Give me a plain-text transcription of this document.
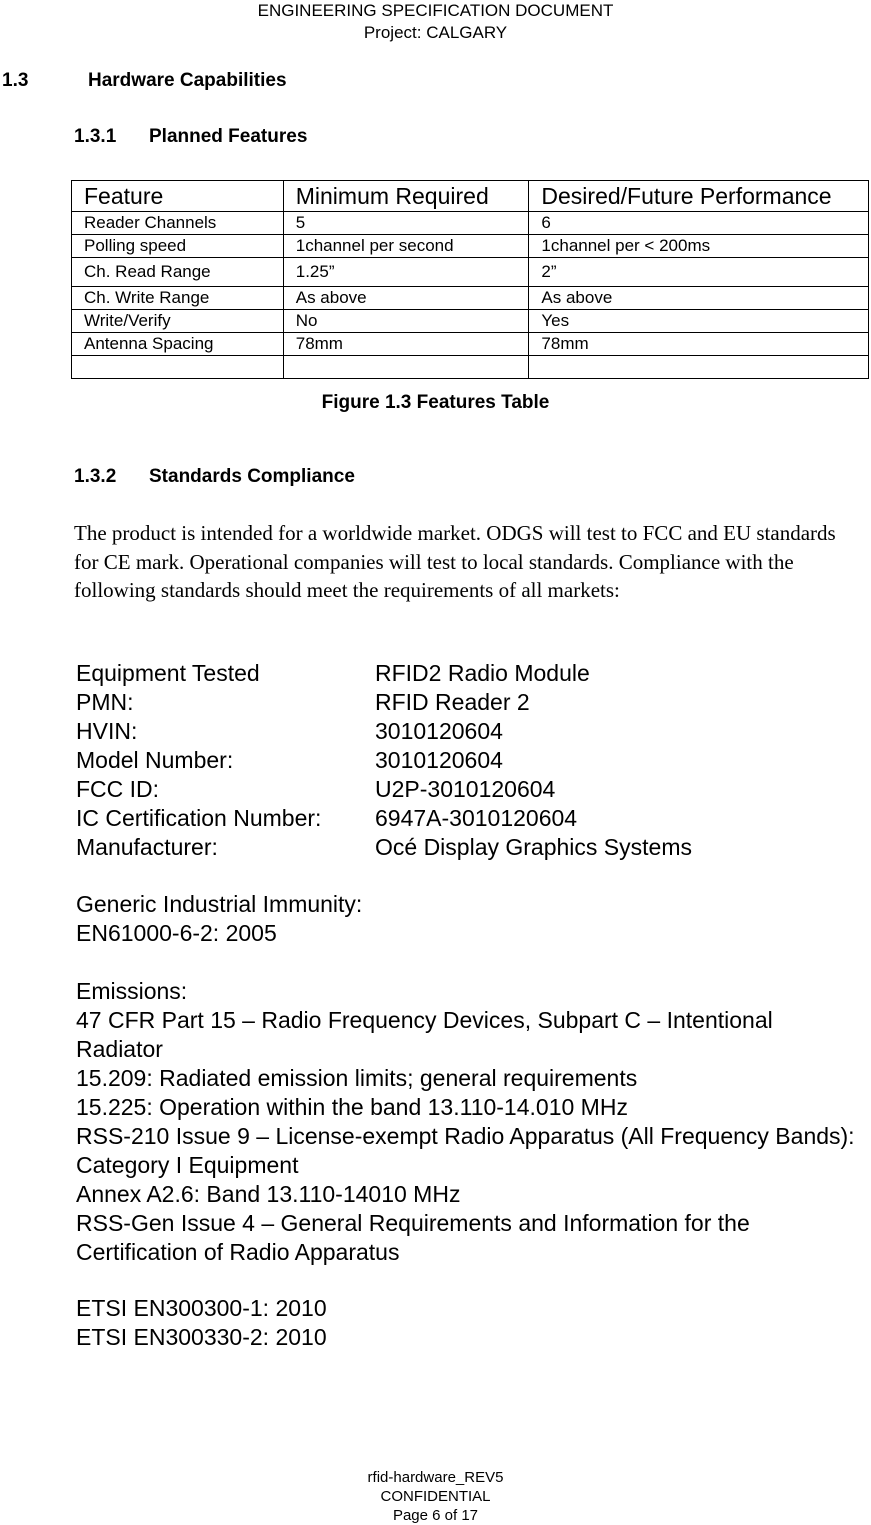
ENGINEERING SPECIFICATION DOCUMENT
Project: CALGARY
1.3	Hardware Capabilities
1.3.1 Planned Features
Feature	Minimum Required	Desired/Future Performance
Reader Channels	5	6
Polling speed	1channel per second	1channel per < 200ms
Ch. Read Range	1.25”	2”
Ch. Write Range	As above	As above
Write/Verify	No	Yes
Antenna Spacing	78mm	78mm

Figure 1.3 Features Table
1.3.2 Standards Compliance
The product is intended for a worldwide market. ODGS will test to FCC and EU standards for CE mark. Operational companies will test to local standards. Compliance with the following standards should meet the requirements of all markets:
Equipment Tested	RFID2 Radio Module
PMN:	RFID Reader 2
HVIN:	3010120604
Model Number:	3010120604
FCC ID:	U2P-3010120604
IC Certification Number: 6947A-3010120604
Manufacturer:	Océ Display Graphics Systems
Generic Industrial Immunity:
EN61000-6-2: 2005
Emissions:
47 CFR Part 15 – Radio Frequency Devices, Subpart C – Intentional Radiator
15.209: Radiated emission limits; general requirements
15.225: Operation within the band 13.110-14.010 MHz
RSS-210 Issue 9 – License-exempt Radio Apparatus (All Frequency Bands): Category I Equipment
Annex A2.6: Band 13.110-14010 MHz
RSS-Gen Issue 4 – General Requirements and Information for the Certification of Radio Apparatus
ETSI EN300300-1: 2010
ETSI EN300330-2: 2010
rfid-hardware_REV5
CONFIDENTIAL
Page 6 of 17
